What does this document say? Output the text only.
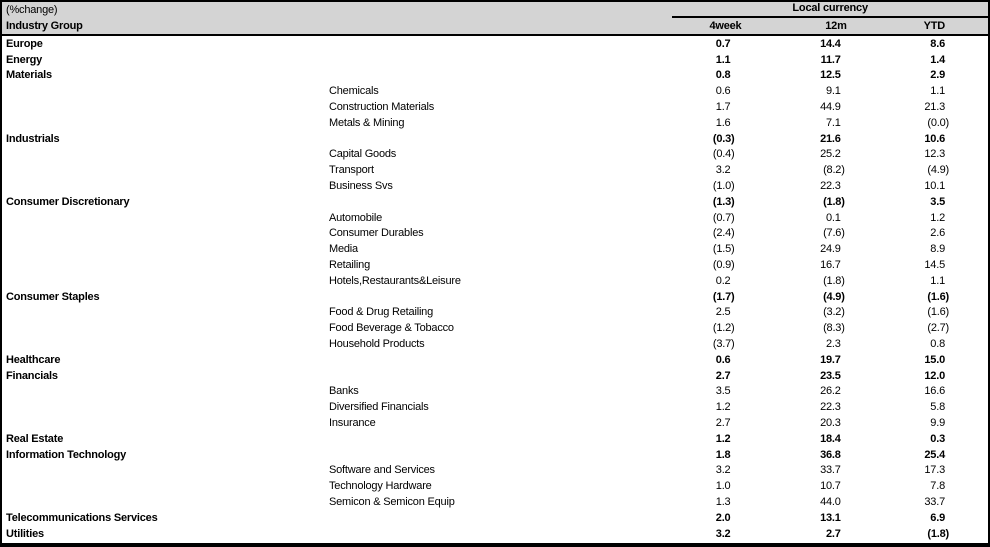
(%change)	Local currency		

Industry Group	4week	12m	YTD
Europe	0.7	14.4	8.6
Energy	1.1	11.7	1.4
Materials	0.8	12.5	2.9
Chemicals	0.6	9.1	1.1
Construction Materials	1.7	44.9	21.3
Metals & Mining	1.6	7.1	(0.0)
Industrials	(0.3)	21.6	10.6
Capital Goods	(0.4)	25.2	12.3
Transport	3.2	(8.2)	(4.9)
Business Svs	(1.0)	22.3	10.1
Consumer Discretionary	(1.3)	(1.8)	3.5
Automobile	(0.7)	0.1	1.2
Consumer Durables	(2.4)	(7.6)	2.6
Media	(1.5)	24.9	8.9
Retailing	(0.9)	16.7	14.5
Hotels,Restaurants&Leisure	0.2	(1.8)	1.1
Consumer Staples	(1.7)	(4.9)	(1.6)
Food & Drug Retailing	2.5	(3.2)	(1.6)
Food Beverage & Tobacco	(1.2)	(8.3)	(2.7)
Household Products	(3.7)	2.3	0.8
Healthcare	0.6	19.7	15.0
Financials	2.7	23.5	12.0
Banks	3.5	26.2	16.6
Diversified Financials	1.2	22.3	5.8
Insurance	2.7	20.3	9.9
Real Estate	1.2	18.4	0.3
Information Technology	1.8	36.8	25.4
Software and Services	3.2	33.7	17.3
Technology Hardware	1.0	10.7	7.8
Semicon & Semicon Equip	1.3	44.0	33.7
Telecommunications Services	2.0	13.1	6.9
Utilities	3.2	2.7	(1.8)
